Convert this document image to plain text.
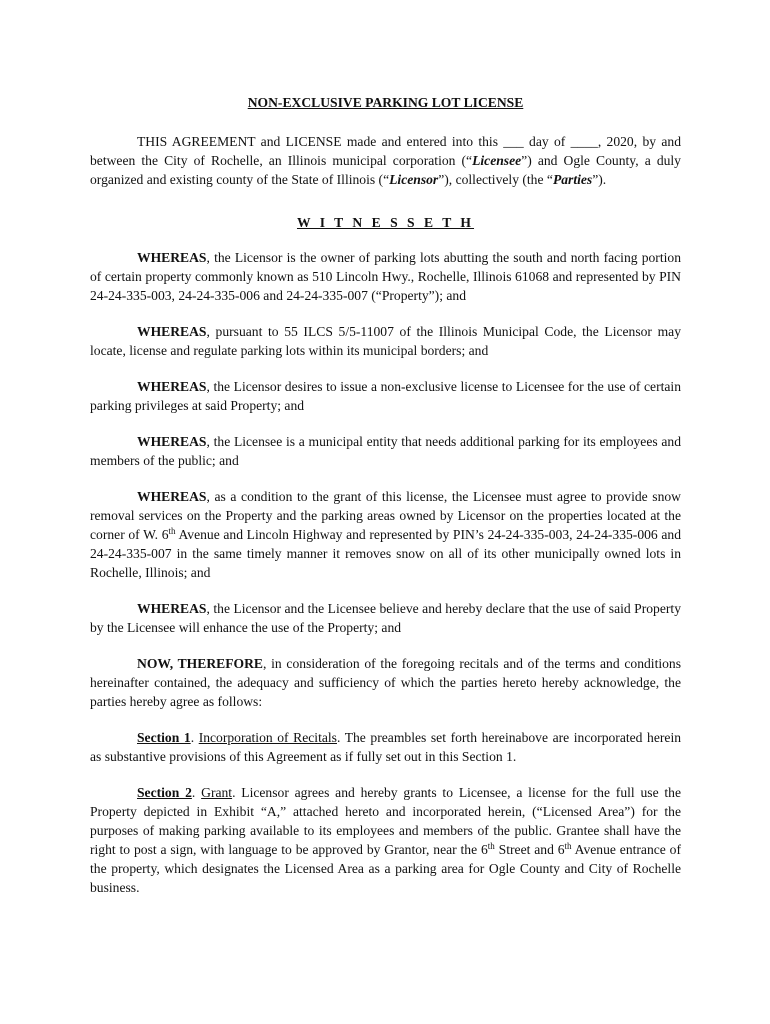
NON-EXCLUSIVE PARKING LOT LICENSE

THIS AGREEMENT and LICENSE made and entered into this ___ day of ____, 2020, by and between the City of Rochelle, an Illinois municipal corporation (“Licensee”) and Ogle County, a duly organized and existing county of the State of Illinois (“Licensor”), collectively (the “Parties”).

W I T N E S S E T H

WHEREAS, the Licensor is the owner of parking lots abutting the south and north facing portion of certain property commonly known as 510 Lincoln Hwy., Rochelle, Illinois 61068 and represented by PIN 24-24-335-003, 24-24-335-006 and 24-24-335-007 (“Property”); and

WHEREAS, pursuant to 55 ILCS 5/5-11007 of the Illinois Municipal Code, the Licensor may locate, license and regulate parking lots within its municipal borders; and

WHEREAS, the Licensor desires to issue a non-exclusive license to Licensee for the use of certain parking privileges at said Property; and

WHEREAS, the Licensee is a municipal entity that needs additional parking for its employees and members of the public; and

WHEREAS, as a condition to the grant of this license, the Licensee must agree to provide snow removal services on the Property and the parking areas owned by Licensor on the properties located at the corner of W. 6th Avenue and Lincoln Highway and represented by PIN’s 24-24-335-003, 24-24-335-006 and 24-24-335-007 in the same timely manner it removes snow on all of its other municipally owned lots in Rochelle, Illinois; and

WHEREAS, the Licensor and the Licensee believe and hereby declare that the use of said Property by the Licensee will enhance the use of the Property; and

NOW, THEREFORE, in consideration of the foregoing recitals and of the terms and conditions hereinafter contained, the adequacy and sufficiency of which the parties hereto hereby acknowledge, the parties hereby agree as follows:

Section 1. Incorporation of Recitals. The preambles set forth hereinabove are incorporated herein as substantive provisions of this Agreement as if fully set out in this Section 1.

Section 2. Grant. Licensor agrees and hereby grants to Licensee, a license for the full use the Property depicted in Exhibit “A,” attached hereto and incorporated herein, (“Licensed Area”) for the purposes of making parking available to its employees and members of the public. Grantee shall have the right to post a sign, with language to be approved by Grantor, near the 6th Street and 6th Avenue entrance of the property, which designates the Licensed Area as a parking area for Ogle County and City of Rochelle business.
